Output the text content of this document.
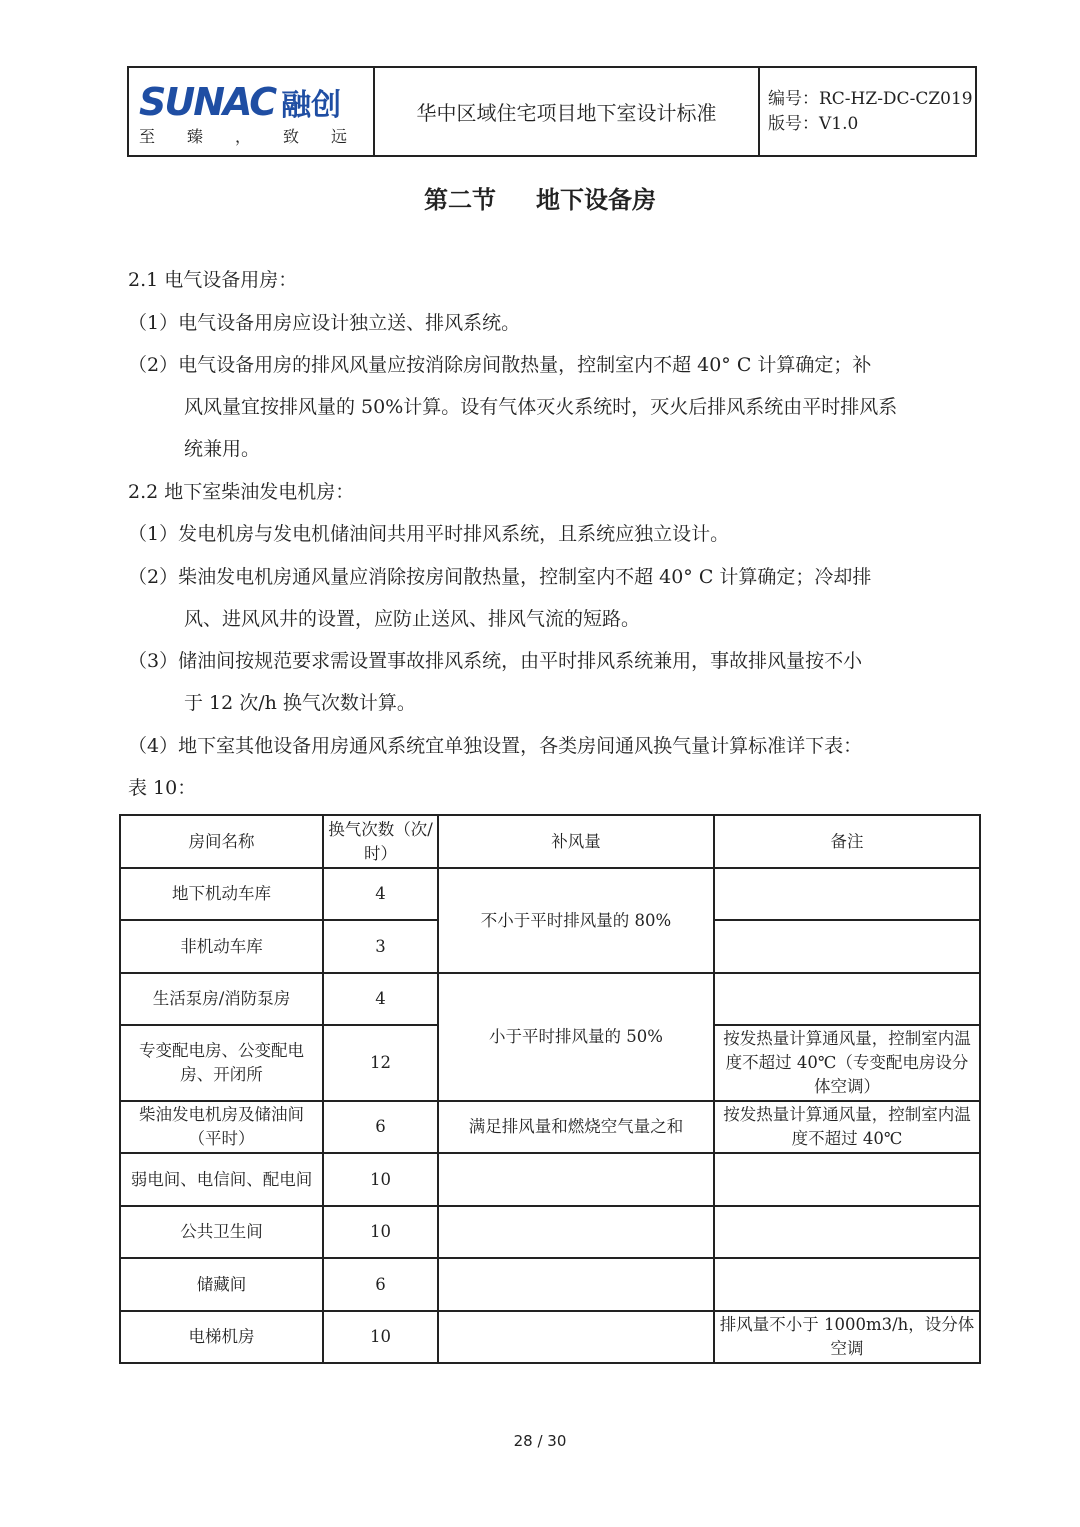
SUNAC 融创
至 臻 ， 致 远
华中区域住宅项目地下室设计标准
编号：RC-HZ-DC-CZ019
版号：V1.0
第二节 地下设备房
2.1 电气设备用房：
（1）电气设备用房应设计独立送、排风系统。
（2）电气设备用房的排风风量应按消除房间散热量，控制室内不超 40° C 计算确定；补
风风量宜按排风量的 50%计算。设有气体灭火系统时，灭火后排风系统由平时排风系
统兼用。
2.2 地下室柴油发电机房：
（1）发电机房与发电机储油间共用平时排风系统，且系统应独立设计。
（2）柴油发电机房通风量应消除按房间散热量，控制室内不超 40° C 计算确定；冷却排
风、进风风井的设置，应防止送风、排风气流的短路。
（3）储油间按规范要求需设置事故排风系统，由平时排风系统兼用，事故排风量按不小
于 12 次/h 换气次数计算。
（4）地下室其他设备用房通风系统宜单独设置，各类房间通风换气量计算标准详下表：
表 10：
房间名称	换气次数（次/时）	补风量	备注
地下机动车库	4	不小于平时排风量的 80%	
非机动车库	3		
生活泵房/消防泵房	4	小于平时排风量的 50%	
专变配电房、公变配电房、开闭所	12		按发热量计算通风量，控制室内温度不超过 40℃（专变配电房设分体空调）
柴油发电机房及储油间（平时）	6	满足排风量和燃烧空气量之和	按发热量计算通风量，控制室内温度不超过 40℃
弱电间、电信间、配电间	10		
公共卫生间	10		
储藏间	6		
电梯机房	10		排风量不小于 1000m3/h，设分体空调
28 / 30
